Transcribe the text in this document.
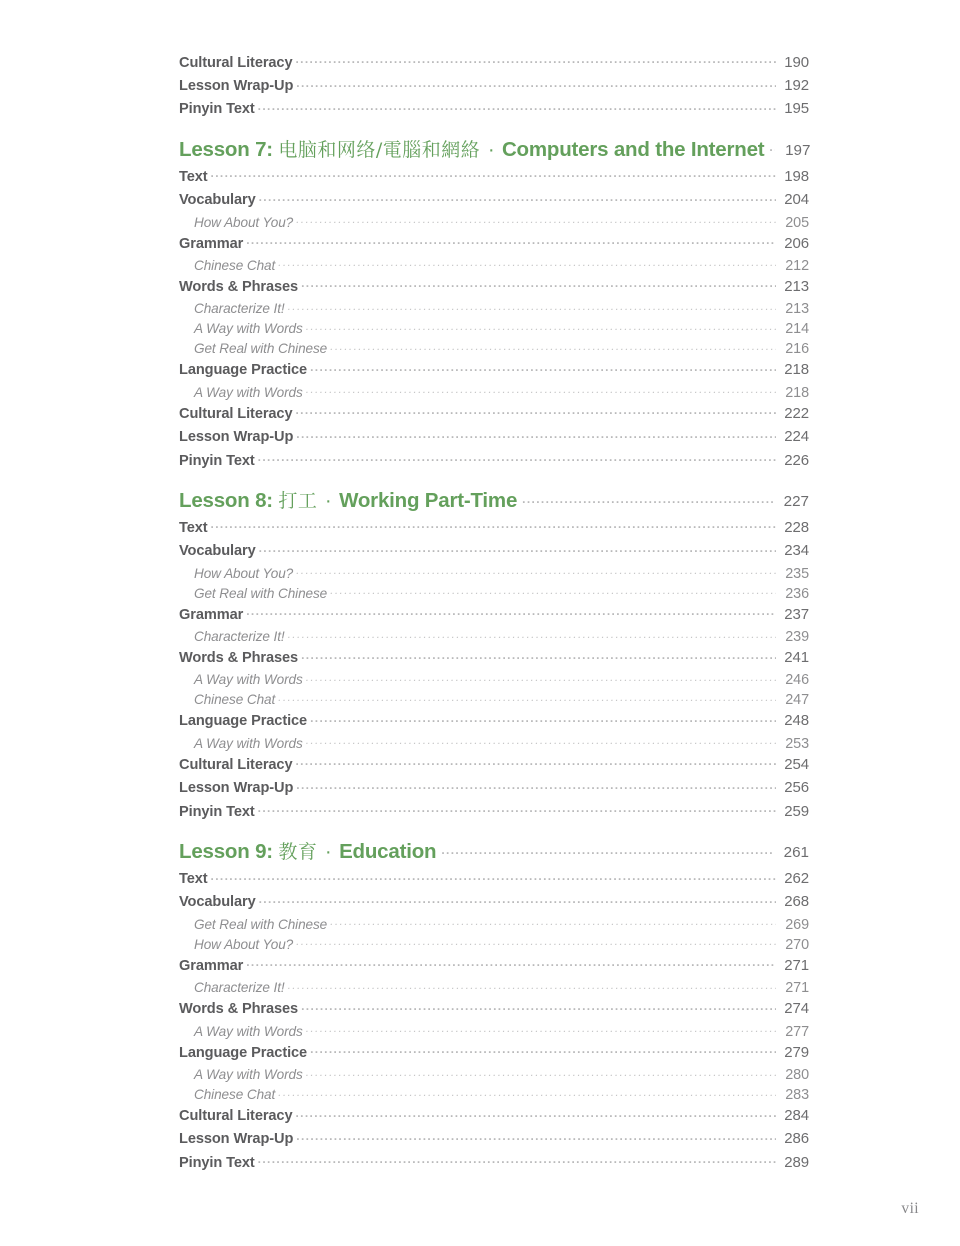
Cultural Literacy .....	190
Lesson Wrap-Up .....	192
Pinyin Text .....	195
Lesson 7: 电脑和网络/電腦和網絡 · Computers and the Internet .....	197
Text .....	198
Vocabulary .....	204
How About You? .....	205
Grammar .....	206
Chinese Chat .....	212
Words & Phrases .....	213
Characterize It! .....	213
A Way with Words .....	214
Get Real with Chinese .....	216
Language Practice .....	218
A Way with Words .....	218
Cultural Literacy .....	222
Lesson Wrap-Up .....	224
Pinyin Text .....	226
Lesson 8: 打工 · Working Part-Time .....	227
Text .....	228
Vocabulary .....	234
How About You? .....	235
Get Real with Chinese .....	236
Grammar .....	237
Characterize It! .....	239
Words & Phrases .....	241
A Way with Words .....	246
Chinese Chat .....	247
Language Practice .....	248
A Way with Words .....	253
Cultural Literacy .....	254
Lesson Wrap-Up .....	256
Pinyin Text .....	259
Lesson 9: 教育 · Education .....	261
Text .....	262
Vocabulary .....	268
Get Real with Chinese .....	269
How About You? .....	270
Grammar .....	271
Characterize It! .....	271
Words & Phrases .....	274
A Way with Words .....	277
Language Practice .....	279
A Way with Words .....	280
Chinese Chat .....	283
Cultural Literacy .....	284
Lesson Wrap-Up .....	286
Pinyin Text .....	289
vii
